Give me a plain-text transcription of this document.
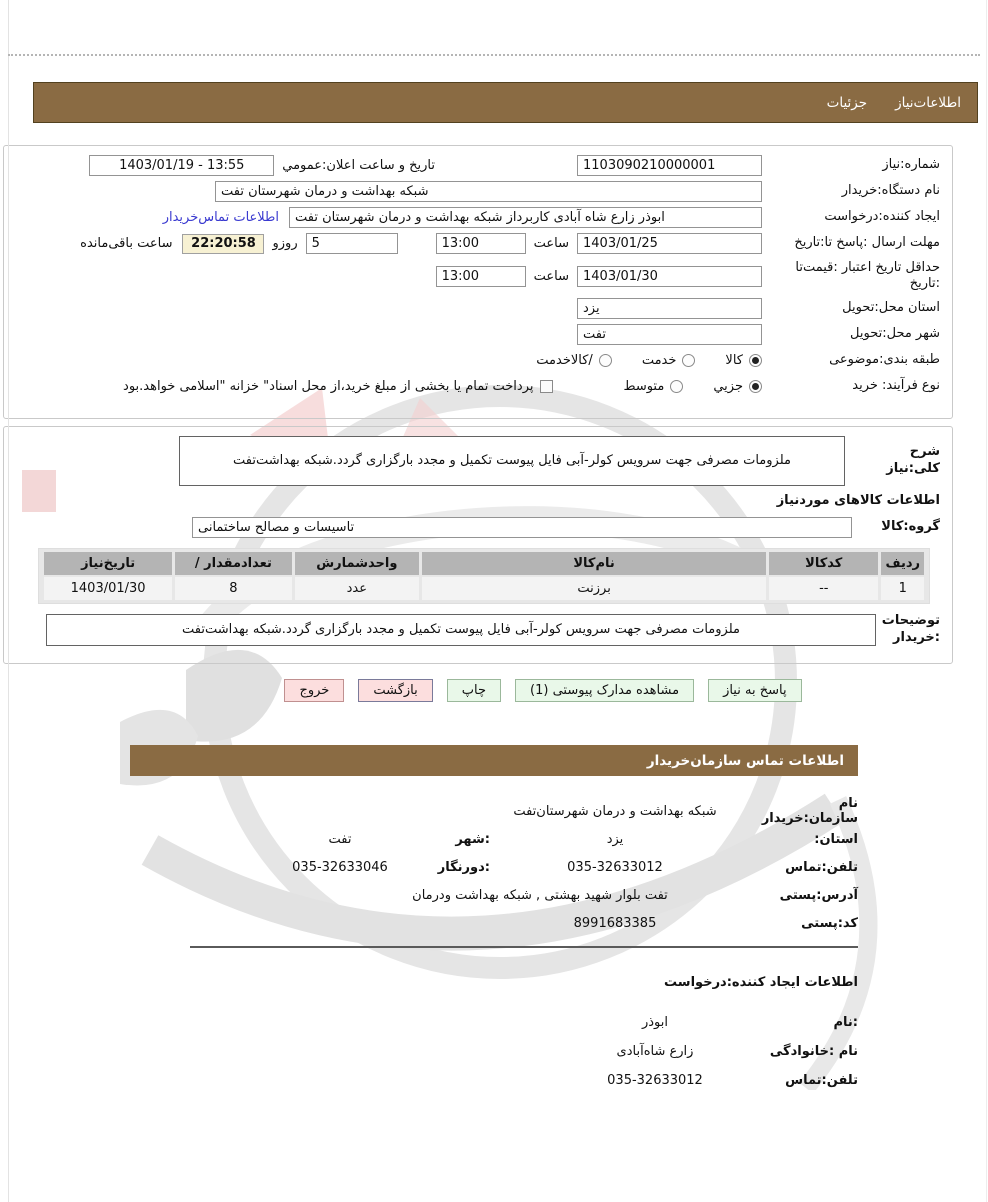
اطلاعات‌نیاز
جزئیات
شماره:نیاز
1103090210000001
تاریخ و ساعت اعلان:عمومي
1403/01/19 - 13:55
نام دستگاه:خریدار
شبکه بهداشت و درمان شهرستان تفت
ایجاد کننده:درخواست
ابوذر زارع شاه آبادی کاربرداز شبکه بهداشت و درمان شهرستان تفت
اطلاعات تماس‌خریدار
مهلت ارسال :پاسخ تا:تاریخ
1403/01/25
ساعت
13:00
5
روزو
22:20:58
ساعت باقی‌مانده
حداقل تاریخ اعتبار :قیمت‌تا :تاریخ
1403/01/30
ساعت
13:00
استان محل:تحویل
یزد
شهر محل:تحویل
تفت
طبقه بندی:موضوعی
کالا
خدمت
/کالاخدمت
نوع فرآیند: خرید
جزیي
متوسط
پرداخت تمام یا بخشی از مبلغ خرید،از محل اسناد" خزانه "اسلامی خواهد.بود
شرح کلی:نیاز
ملزومات مصرفی جهت سرویس کولر-آبی فایل پیوست تکمیل و مجدد بارگزاری گردد.شبکه بهداشت‌تفت
اطلاعات کالاهای موردنیاز
گروه:کالا
تاسیسات و مصالح ساختمانی
ردیف	کدکالا	نام‌کالا	واحدشمارش	تعدادمقدار /	تاریخ‌نیاز
1	--	برزنت	عدد	8	1403/01/30
توضیحات :خریدار
ملزومات مصرفی جهت سرویس کولر-آبی فایل پیوست تکمیل و مجدد بارگزاری گردد.شبکه بهداشت‌تفت
پاسخ به نیاز
مشاهده مدارک پیوستی (1)
چاپ
بازگشت
خروج
اطلاعات تماس سازمان‌خریدار
نام سازمان:خریدار
شبکه بهداشت و درمان شهرستان‌تفت
استان:
یزد
:شهر
تفت
تلفن:تماس
035-32633012
:دورنگار
035-32633046
آدرس:پستی
تفت بلوار شهید بهشتی , شبکه بهداشت ودرمان
کد:پستی
8991683385
اطلاعات ایجاد کننده:درخواست
:نام
ابوذر
نام :خانوادگی
زارع شاه‌آبادی
تلفن:تماس
035-32633012
